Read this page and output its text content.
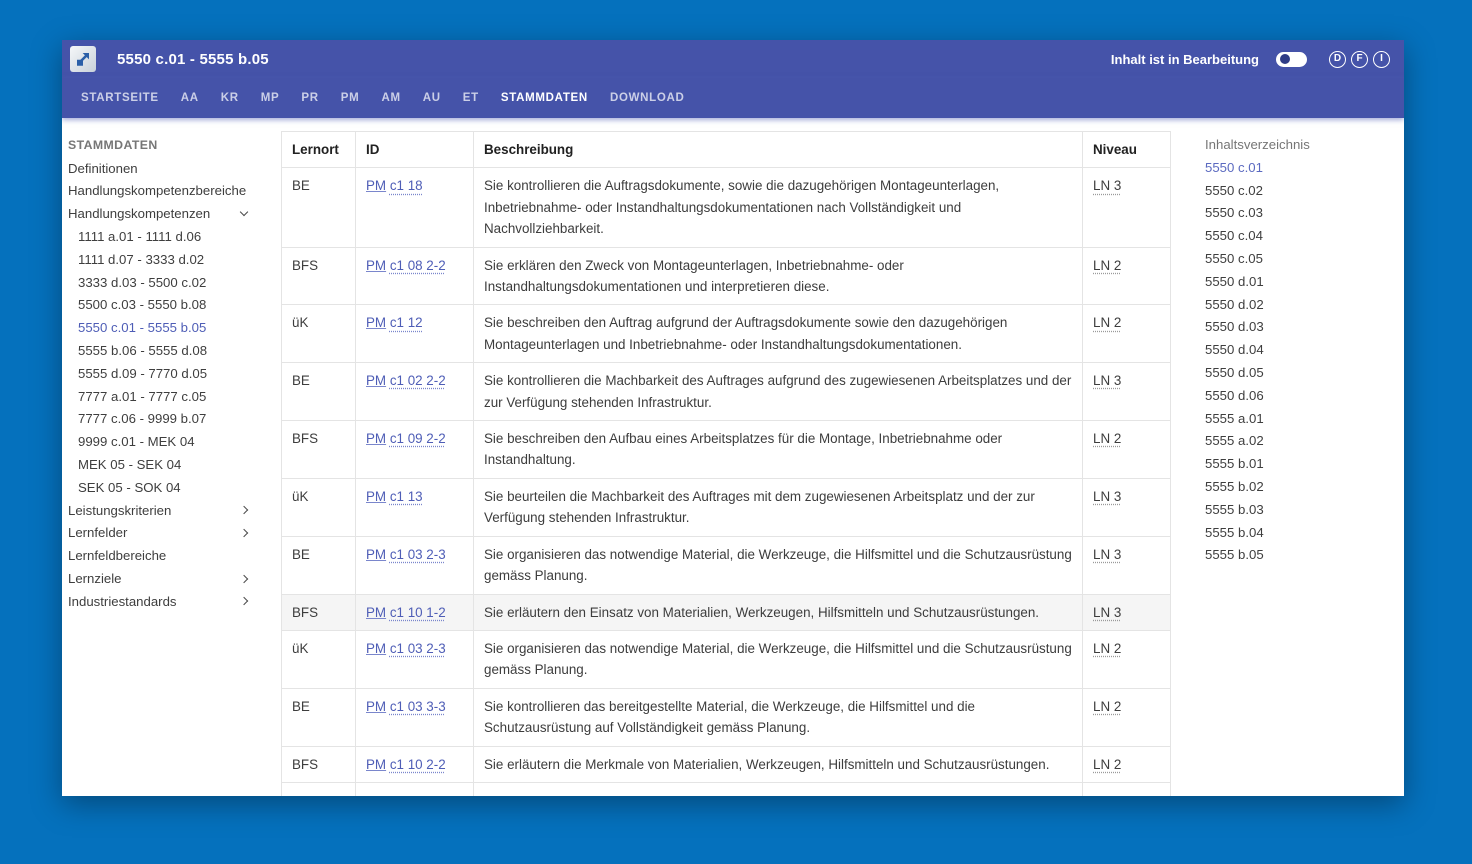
5550 c.01 - 5555 b.05	Inhalt ist in Bearbeitung	D	F	I
STARTSEITE	AA	KR	MP	PR	PM	AM	AU	ET	STAMMDATEN	DOWNLOAD
STAMMDATEN
Definitionen
Handlungskompetenzbereiche
Handlungskompetenzen
1111 a.01 - 1111 d.06
1111 d.07 - 3333 d.02
3333 d.03 - 5500 c.02
5500 c.03 - 5550 b.08
5550 c.01 - 5555 b.05
5555 b.06 - 5555 d.08
5555 d.09 - 7770 d.05
7777 a.01 - 7777 c.05
7777 c.06 - 9999 b.07
9999 c.01 - MEK 04
MEK 05 - SEK 04
SEK 05 - SOK 04
Leistungskriterien
Lernfelder
Lernfeldbereiche
Lernziele
Industriestandards
Lernort	ID	Beschreibung	Niveau
BE	PM c1 18	Sie kontrollieren die Auftragsdokumente, sowie die dazugehörigen Montageunterlagen, Inbetriebnahme- oder Instandhaltungsdokumentationen nach Vollständigkeit und Nachvollziehbarkeit.	LN 3
BFS	PM c1 08 2-2	Sie erklären den Zweck von Montageunterlagen, Inbetriebnahme- oder Instandhaltungsdokumentationen und interpretieren diese.	LN 2
üK	PM c1 12	Sie beschreiben den Auftrag aufgrund der Auftragsdokumente sowie den dazugehörigen Montageunterlagen und Inbetriebnahme- oder Instandhaltungsdokumentationen.	LN 2
BE	PM c1 02 2-2	Sie kontrollieren die Machbarkeit des Auftrages aufgrund des zugewiesenen Arbeitsplatzes und der zur Verfügung stehenden Infrastruktur.	LN 3
BFS	PM c1 09 2-2	Sie beschreiben den Aufbau eines Arbeitsplatzes für die Montage, Inbetriebnahme oder Instandhaltung.	LN 2
üK	PM c1 13	Sie beurteilen die Machbarkeit des Auftrages mit dem zugewiesenen Arbeitsplatz und der zur Verfügung stehenden Infrastruktur.	LN 3
BE	PM c1 03 2-3	Sie organisieren das notwendige Material, die Werkzeuge, die Hilfsmittel und die Schutzausrüstung gemäss Planung.	LN 3
BFS	PM c1 10 1-2	Sie erläutern den Einsatz von Materialien, Werkzeugen, Hilfsmitteln und Schutzausrüstungen.	LN 3
üK	PM c1 03 2-3	Sie organisieren das notwendige Material, die Werkzeuge, die Hilfsmittel und die Schutzausrüstung gemäss Planung.	LN 2
BE	PM c1 03 3-3	Sie kontrollieren das bereitgestellte Material, die Werkzeuge, die Hilfsmittel und die Schutzausrüstung auf Vollständigkeit gemäss Planung.	LN 2
BFS	PM c1 10 2-2	Sie erläutern die Merkmale von Materialien, Werkzeugen, Hilfsmitteln und Schutzausrüstungen.	LN 2

Inhaltsverzeichnis
5550 c.01
5550 c.02
5550 c.03
5550 c.04
5550 c.05
5550 d.01
5550 d.02
5550 d.03
5550 d.04
5550 d.05
5550 d.06
5555 a.01
5555 a.02
5555 b.01
5555 b.02
5555 b.03
5555 b.04
5555 b.05
